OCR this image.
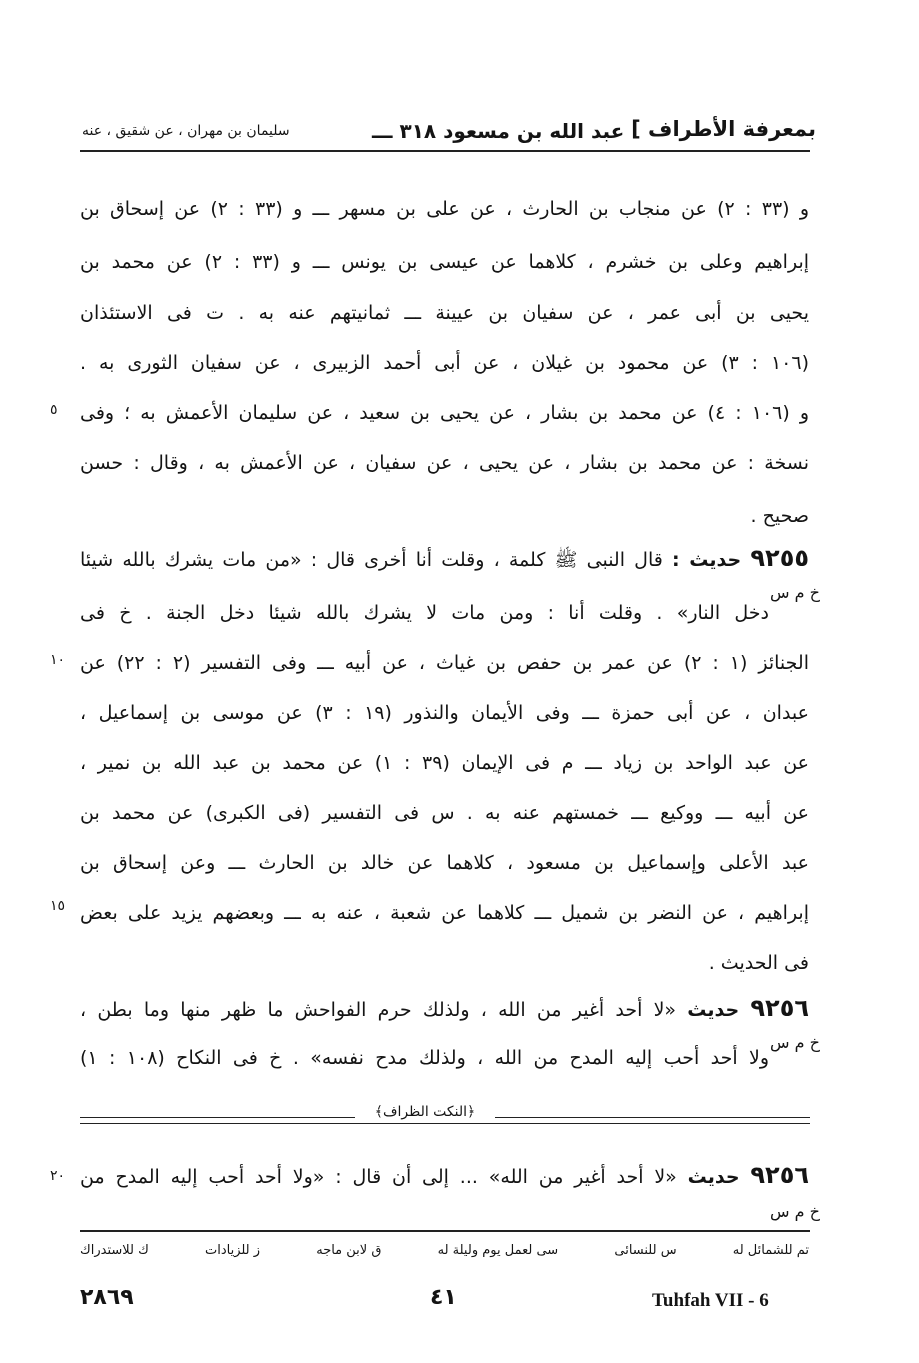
بمعرفة الأطراف ]
عبد الله بن مسعود ٣١٨ ـــ
سليمان بن مهران ، عن شقيق ، عنه
و (٣٣ : ٢) عن منجاب بن الحارث ، عن على بن مسهر ـــ و (٣٣ : ٢) عن إسحاق بن
إبراهيم وعلى بن خشرم ، كلاهما عن عيسى بن يونس ـــ و (٣٣ : ٢) عن محمد بن
يحيى بن أبى عمر ، عن سفيان بن عيينة ـــ ثمانيتهم عنه به . ت فى الاستئذان
(١٠٦ : ٣) عن محمود بن غيلان ، عن أبى أحمد الزبيرى ، عن سفيان الثورى به .
و (١٠٦ : ٤) عن محمد بن بشار ، عن يحيى بن سعيد ، عن سليمان الأعمش به ؛ وفى
نسخة : عن محمد بن بشار ، عن يحيى ، عن سفيان ، عن الأعمش به ، وقال : حسن
صحيح .
٥
٩٢٥٥ حديث : قال النبى ﷺ كلمة ، وقلت أنا أخرى قال : «من مات يشرك بالله شيئا
خ م س
دخل النار» . وقلت أنا : ومن مات لا يشرك بالله شيئا دخل الجنة . خ فى
الجنائز (١ : ٢) عن عمر بن حفص بن غياث ، عن أبيه ـــ وفى التفسير (٢ : ٢٢) عن
عبدان ، عن أبى حمزة ـــ وفى الأيمان والنذور (١٩ : ٣) عن موسى بن إسماعيل ،
عن عبد الواحد بن زياد ـــ م فى الإيمان (٣٩ : ١) عن محمد بن عبد الله بن نمير ،
عن أبيه ـــ ووكيع ـــ خمستهم عنه به . س فى التفسير (فى الكبرى) عن محمد بن
عبد الأعلى وإسماعيل بن مسعود ، كلاهما عن خالد بن الحارث ـــ وعن إسحاق بن
إبراهيم ، عن النضر بن شميل ـــ كلاهما عن شعبة ، عنه به ـــ وبعضهم يزيد على بعض
فى الحديث .
١٠
١٥
٩٢٥٦ حديث «لا أحد أغير من الله ، ولذلك حرم الفواحش ما ظهر منها وما بطن ،
خ م س
ولا أحد أحب إليه المدح من الله ، ولذلك مدح نفسه» . خ فى النكاح (١٠٨ : ١)
﴿النكت الظراف﴾
٩٢٥٦ حديث «لا أحد أغير من الله» ... إلى أن قال : «ولا أحد أحب إليه المدح من
خ م س
٢٠
تم للشمائل له
س للنسائى
سى لعمل يوم وليلة له
ق لابن ماجه
ز للزيادات
ك للاستدراك
٢٨٦٩	٤١	Tuhfah VII - 6
